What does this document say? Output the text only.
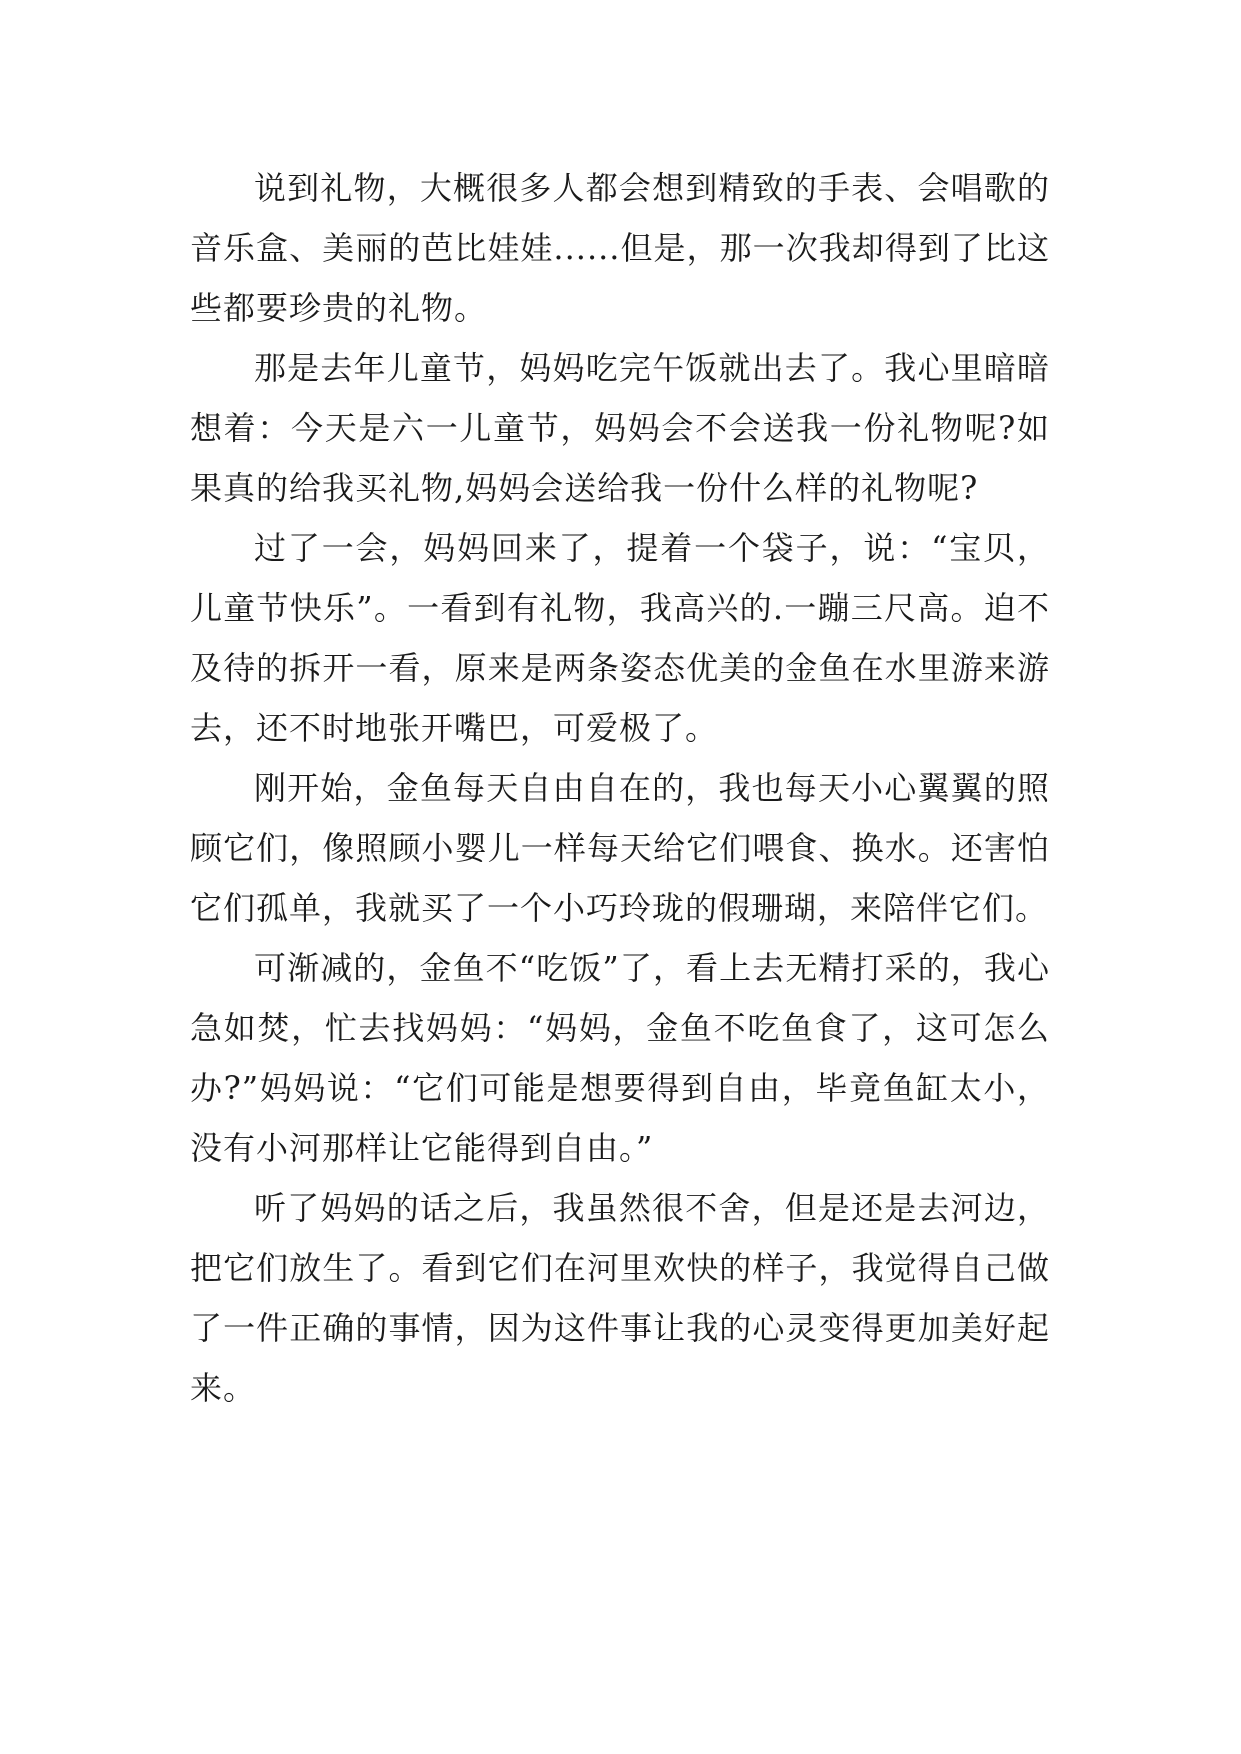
说到礼物，大概很多人都会想到精致的手表、会唱歌的音乐盒、美丽的芭比娃娃......但是，那一次我却得到了比这些都要珍贵的礼物。

那是去年儿童节，妈妈吃完午饭就出去了。我心里暗暗想着：今天是六一儿童节，妈妈会不会送我一份礼物呢?如果真的给我买礼物,妈妈会送给我一份什么样的礼物呢?

过了一会，妈妈回来了，提着一个袋子，说：“宝贝，儿童节快乐”。一看到有礼物，我高兴的.一蹦三尺高。迫不及待的拆开一看，原来是两条姿态优美的金鱼在水里游来游去，还不时地张开嘴巴，可爱极了。

刚开始，金鱼每天自由自在的，我也每天小心翼翼的照顾它们，像照顾小婴儿一样每天给它们喂食、换水。还害怕它们孤单，我就买了一个小巧玲珑的假珊瑚，来陪伴它们。

可渐减的，金鱼不“吃饭”了，看上去无精打采的，我心急如焚，忙去找妈妈：“妈妈，金鱼不吃鱼食了，这可怎么办?”妈妈说：“它们可能是想要得到自由，毕竟鱼缸太小，没有小河那样让它能得到自由。”

听了妈妈的话之后，我虽然很不舍，但是还是去河边，把它们放生了。看到它们在河里欢快的样子，我觉得自己做了一件正确的事情，因为这件事让我的心灵变得更加美好起来。
